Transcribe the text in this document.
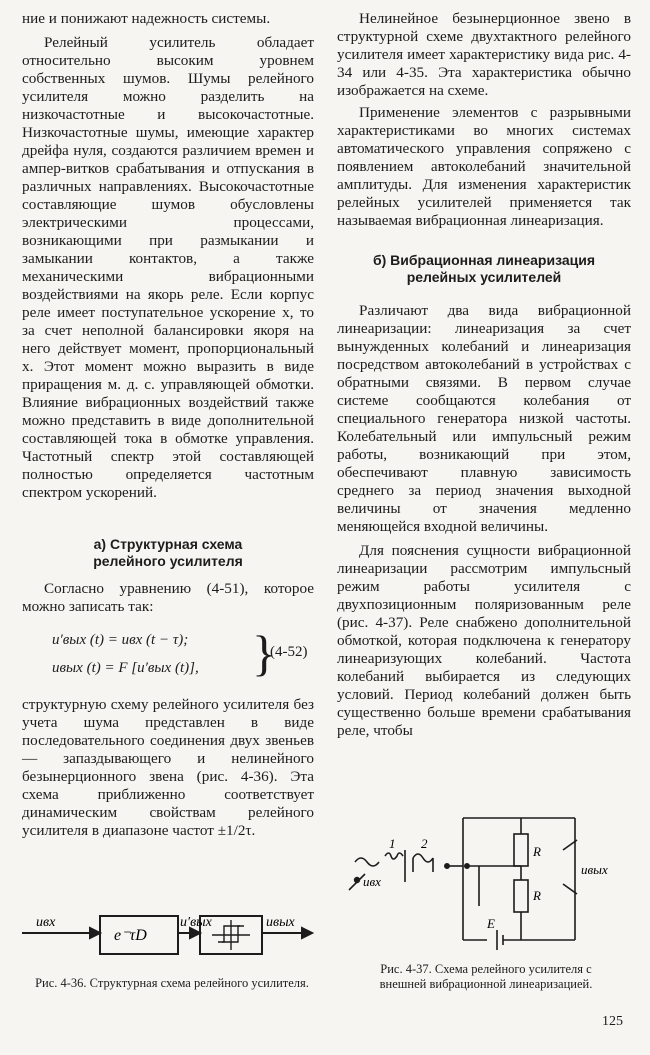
ние и понижают надежность системы.

Релейный усилитель обладает относительно высоким уровнем собственных шумов. Шумы релейного усилителя можно разделить на низкочастотные и высокочастотные. Низкочастотные шумы, имеющие характер дрейфа нуля, создаются различием времен и ампер-витков срабатывания и отпускания в различных направлениях. Высокочастотные составляющие шумов обусловлены электрическими процессами, возникающими при размыкании и замыкании контактов, а также механическими вибрационными воздействиями на якорь реле. Если корпус реле имеет поступательное ускорение x, то за счет неполной балансировки якоря на него действует момент, пропорциональный x. Этот момент можно выразить в виде приращения м. д. с. управляющей обмотки. Влияние вибрационных воздействий также можно представить в виде дополнительной составляющей тока в обмотке управления. Частотный спектр этой составляющей полностью определяется частотным спектром ускорений.

а) Структурная схема релейного усилителя

Согласно уравнению (4-51), которое можно записать так:

u′вых (t) = uвх (t − τ);
uвых (t) = F [u′вых (t)], }
(4-52)

структурную схему релейного усилителя без учета шума представлен в виде последовательного соединения двух звеньев — запаздывающего и нелинейного безынерционного звена (рис. 4-36). Эта схема приближенно соответствует динамическим свойствам релейного усилителя в диапазоне частот ±1/2τ.

uвх
e⁻τD
u′вых	uвых

Рис. 4-36. Структурная схема релейного усилителя.

Нелинейное безынерционное звено в структурной схеме двухтактного релейного усилителя имеет характеристику вида рис. 4-34 или 4-35. Эта характеристика обычно изображается на схеме.

Применение элементов с разрывными характеристиками во многих системах автоматического управления сопряжено с появлением автоколебаний значительной амплитуды. Для изменения характеристик релейных усилителей применяется так называемая вибрационная линеаризация.

б) Вибрационная линеаризация релейных усилителей

Различают два вида вибрационной линеаризации: линеаризация за счет вынужденных колебаний и линеаризация посредством автоколебаний в устройствах с обратными связями. В первом случае системе сообщаются колебания от специального генератора низкой частоты. Колебательный или импульсный режим работы, возникающий при этом, обеспечивают плавную зависимость среднего за период значения выходной величины от значения медленно меняющейся входной величины.

Для пояснения сущности вибрационной линеаризации рассмотрим импульсный режим работы усилителя с двухпозиционным поляризованным реле (рис. 4-37). Реле снабжено дополнительной обмоткой, которая подключена к генератору линеаризующих колебаний. Частота колебаний выбирается из следующих условий. Период колебаний должен быть существенно больше времени срабатывания реле, чтобы

uвх
1 2
R
R
E
uвых

Рис. 4-37. Схема релейного усилителя с внешней вибрационной линеаризацией.

125
